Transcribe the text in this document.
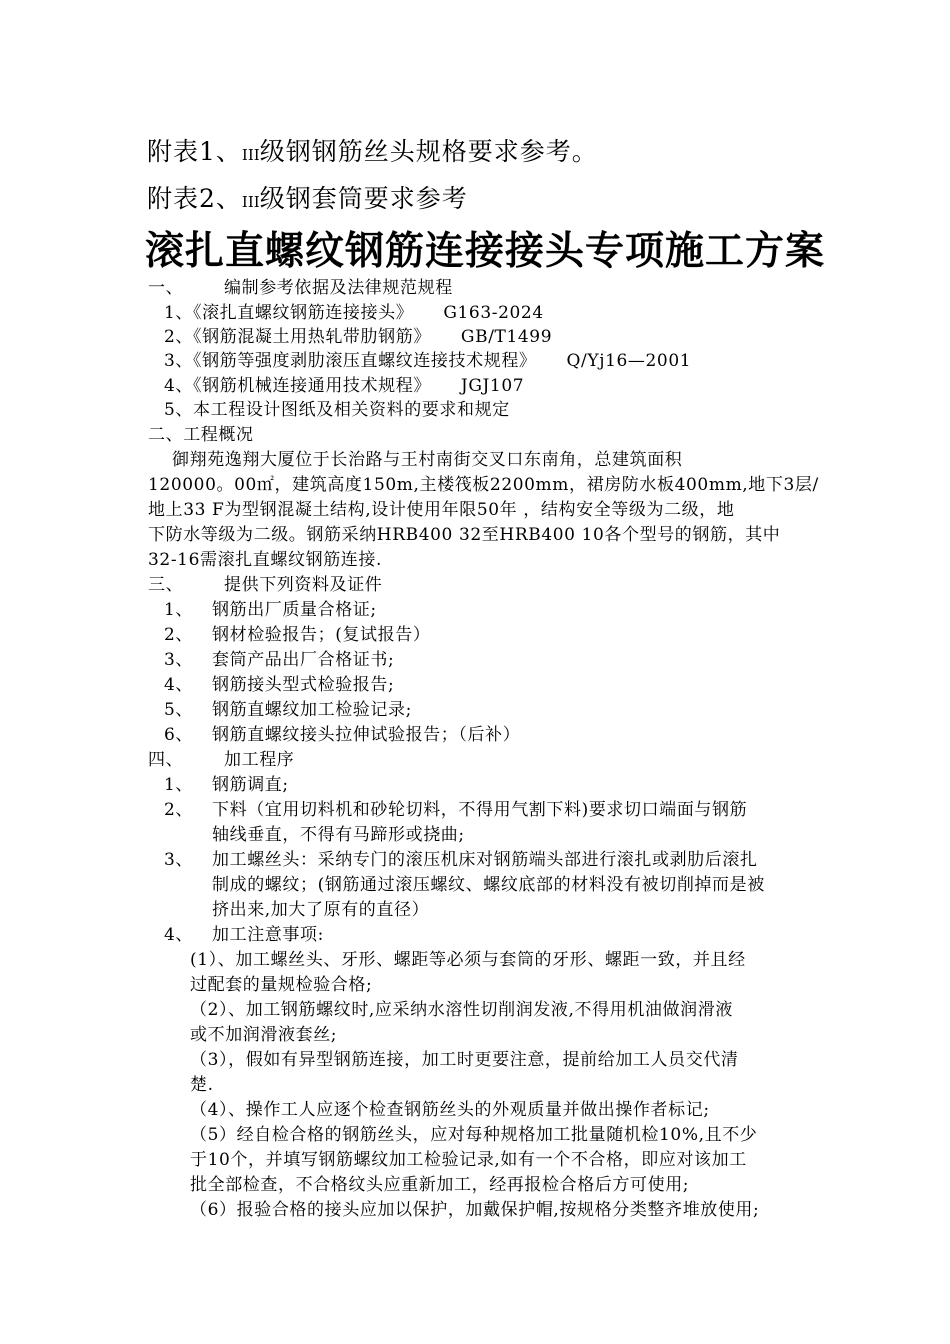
附表1、III级钢钢筋丝头规格要求参考。
附表2、III级钢套筒要求参考
滚扎直螺纹钢筋连接接头专项施工方案
一、 编制参考依据及法律规范规程
1、《滚扎直螺纹钢筋连接接头》 G163-2024
2、《钢筋混凝土用热轧带肋钢筋》 GB/T1499
3、《钢筋等强度剥肋滚压直螺纹连接技术规程》 Q/Yj16—2001
4、《钢筋机械连接通用技术规程》 JGJ107
5、本工程设计图纸及相关资料的要求和规定
二、工程概况
御翔苑逸翔大厦位于长治路与王村南街交叉口东南角，总建筑面积
120000。00㎡，建筑高度150m,主楼筏板2200mm，裙房防水板400mm,地下3层/
地上33 F为型钢混凝土结构,设计使用年限50年 ，结构安全等级为二级，地
下防水等级为二级。钢筋采纳HRB400 32至HRB400 10各个型号的钢筋，其中
32-16需滚扎直螺纹钢筋连接.
三、 提供下列资料及证件
1、 钢筋出厂质量合格证;
2、 钢材检验报告；(复试报告）
3、 套筒产品出厂合格证书;
4、 钢筋接头型式检验报告;
5、 钢筋直螺纹加工检验记录;
6、 钢筋直螺纹接头拉伸试验报告；（后补）
四、 加工程序
1、 钢筋调直;
2、 下料（宜用切料机和砂轮切料，不得用气割下料)要求切口端面与钢筋
轴线垂直，不得有马蹄形或挠曲;
3、 加工螺丝头：采纳专门的滚压机床对钢筋端头部进行滚扎或剥肋后滚扎
制成的螺纹；(钢筋通过滚压螺纹、螺纹底部的材料没有被切削掉而是被
挤出来,加大了原有的直径）
4、 加工注意事项:
(1）、加工螺丝头、牙形、螺距等必须与套筒的牙形、螺距一致，并且经
过配套的量规检验合格;
（2）、加工钢筋螺纹时,应采纳水溶性切削润发液,不得用机油做润滑液
或不加润滑液套丝;
（3），假如有异型钢筋连接，加工时更要注意，提前给加工人员交代清
楚.
（4）、操作工人应逐个检查钢筋丝头的外观质量并做出操作者标记;
（5）经自检合格的钢筋丝头，应对每种规格加工批量随机检10%,且不少
于10个，并填写钢筋螺纹加工检验记录,如有一个不合格，即应对该加工
批全部检查，不合格纹头应重新加工，经再报检合格后方可使用;
（6）报验合格的接头应加以保护，加戴保护帽,按规格分类整齐堆放使用;
